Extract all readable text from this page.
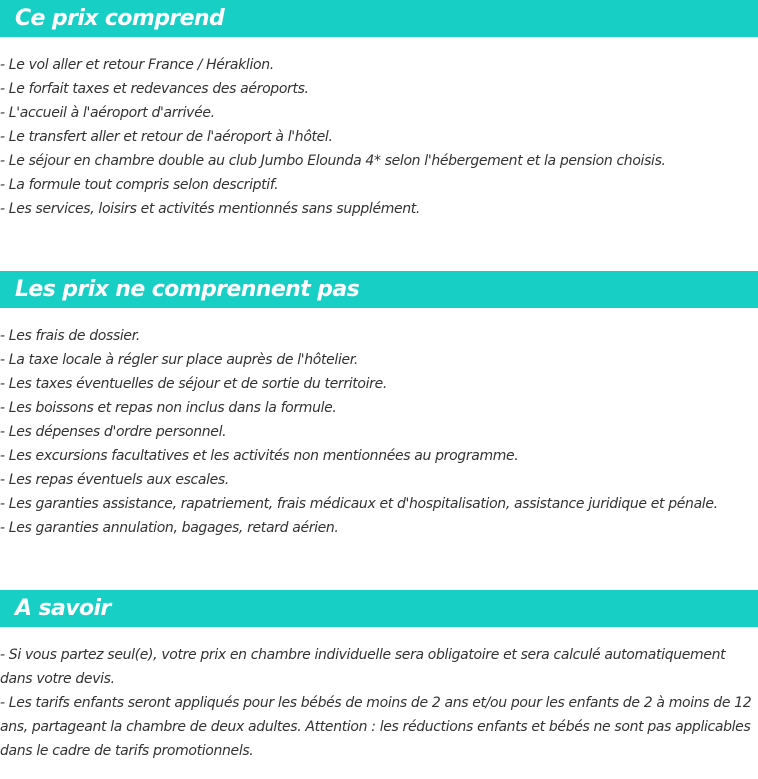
Ce prix comprend
- Le vol aller et retour France / Héraklion.
- Le forfait taxes et redevances des aéroports.
- L'accueil à l'aéroport d'arrivée.
- Le transfert aller et retour de l'aéroport à l'hôtel.
- Le séjour en chambre double au club Jumbo Elounda 4* selon l'hébergement et la pension choisis.
- La formule tout compris selon descriptif.
- Les services, loisirs et activités mentionnés sans supplément.
Les prix ne comprennent pas
- Les frais de dossier.
- La taxe locale à régler sur place auprès de l'hôtelier.
- Les taxes éventuelles de séjour et de sortie du territoire.
- Les boissons et repas non inclus dans la formule.
- Les dépenses d'ordre personnel.
- Les excursions facultatives et les activités non mentionnées au programme.
- Les repas éventuels aux escales.
- Les garanties assistance, rapatriement, frais médicaux et d'hospitalisation, assistance juridique et pénale.
- Les garanties annulation, bagages, retard aérien.
A savoir
- Si vous partez seul(e), votre prix en chambre individuelle sera obligatoire et sera calculé automatiquement dans votre devis.
- Les tarifs enfants seront appliqués pour les bébés de moins de 2 ans et/ou pour les enfants de 2 à moins de 12 ans, partageant la chambre de deux adultes. Attention : les réductions enfants et bébés ne sont pas applicables dans le cadre de tarifs promotionnels.
